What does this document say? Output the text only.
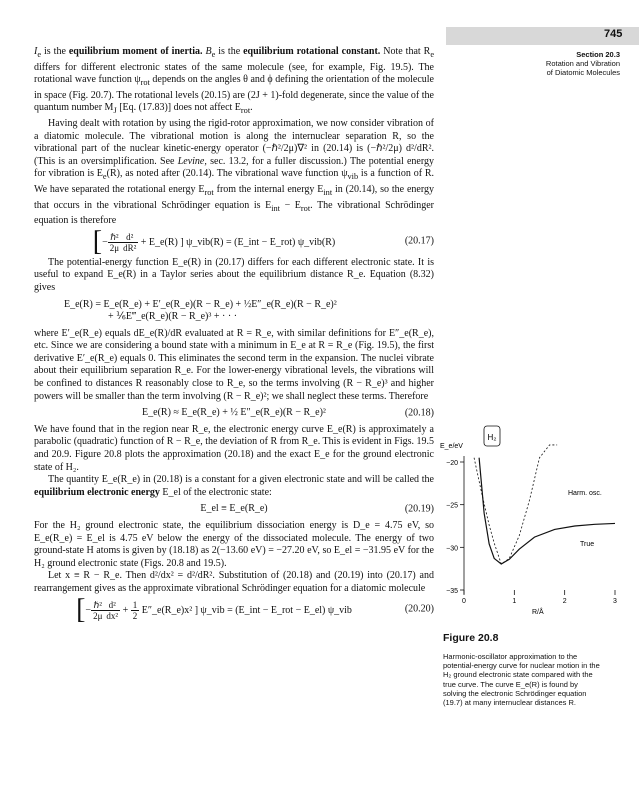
745
Section 20.3
Rotation and Vibration
of Diatomic Molecules

$I_e$ is the equilibrium moment of inertia. $B_e$ is the equilibrium rotational constant. Note that $R_e$ differs for different electronic states of the same molecule (see, for example, Fig. 19.5). The rotational wave function $\psi_{rot}$ depends on the angles θ and ϕ defining the orientation of the molecule in space (Fig. 20.7). The rotational levels (20.15) are (2J + 1)-fold degenerate, since the value of the quantum number $M_J$ [Eq. (17.83)] does not affect $E_{rot}$.

Having dealt with rotation by using the rigid-rotor approximation, we now consider vibration of a diatomic molecule. The vibrational motion is along the internuclear separation R, so the vibrational part of the nuclear kinetic-energy operator (−ℏ²/2μ)∇² in (20.14) is (−ℏ²/2μ) d²/dR². (This is an oversimplification. See Levine, sec. 13.2, for a fuller discussion.) The potential energy for vibration is $E_e(R)$, as noted after (20.14). The vibrational wave function $\psi_{vib}$ is a function of R. We have separated the rotational energy $E_{rot}$ from the internal energy $E_{int}$ in (20.14), so the energy that occurs in the vibrational Schrödinger equation is $E_{int} - E_{rot}$. The vibrational Schrödinger equation is therefore

[− $\frac{\text{ℏ²}}{2\mu} \frac{\text{d²}}{\text{dR²}}$ + E_e(R) ] ψ_vib(R) = (E_int − E_rot) ψ_vib(R)	(20.17)

The potential-energy function E_e(R) in (20.17) differs for each different electronic state. It is useful to expand E_e(R) in a Taylor series about the equilibrium distance R_e. Equation (8.32) gives

E_e(R) = E_e(R_e) + E′_e(R_e)(R − R_e) + ½E″_e(R_e)(R − R_e)²
+ ⅙E‴_e(R_e)(R − R_e)³ + · · ·

where E′_e(R_e) equals dE_e(R)/dR evaluated at R = R_e, with similar definitions for E″_e(R_e), etc. Since we are considering a bound state with a minimum in E_e at R = R_e (Fig. 19.5), the first derivative E′_e(R_e) equals 0. This eliminates the second term in the expansion. The nuclei vibrate about their equilibrium separation R_e. For the lower-energy vibrational levels, the vibrations will be confined to distances R reasonably close to R_e, so the terms involving (R − R_e)³ and higher powers will be smaller than the term involving (R − R_e)²; we shall neglect these terms. Therefore

E_e(R) ≈ E_e(R_e) + ½ E″_e(R_e)(R − R_e)²	(20.18)

We have found that in the region near R_e, the electronic energy curve E_e(R) is approximately a parabolic (quadratic) function of R − R_e, the deviation of R from R_e. This is evident in Figs. 19.5 and 20.9. Figure 20.8 plots the approximation (20.18) and the exact E_e for the ground electronic state of H₂.

The quantity E_e(R_e) in (20.18) is a constant for a given electronic state and will be called the equilibrium electronic energy E_el of the electronic state:

E_el ≡ E_e(R_e)	(20.19)

For the H₂ ground electronic state, the equilibrium dissociation energy is D_e = 4.75 eV, so E_e(R_e) = E_el is 4.75 eV below the energy of the dissociated molecule. The energy of two ground-state H atoms is given by (18.18) as 2(−13.60 eV) = −27.20 eV, so E_el = −31.95 eV for the H₂ ground electronic state (Figs. 20.8 and 19.5).

Let x ≡ R − R_e. Then d²/dx² = d²/dR². Substitution of (20.18) and (20.19) into (20.17) and rearrangement gives as the approximate vibrational Schrödinger equation for a diatomic molecule

[− $\frac{\text{ℏ²}}{2\mu} \frac{\text{d²}}{\text{dx²}} + \frac{1}{2}$ E″_e(R_e)x² ] ψ_vib = (E_int − E_rot − E_el) ψ_vib	(20.20)
H₂
E_e/eV
−20
−25
−30
−35
0	1	2	3
Harm. osc.
True
R/Å
Figure 20.8
Harmonic-oscillator approximation to the potential-energy curve for nuclear motion in the H₂ ground electronic state compared with the true curve. The curve E_e(R) is found by solving the electronic Schrödinger equation (19.7) at many internuclear distances R.
